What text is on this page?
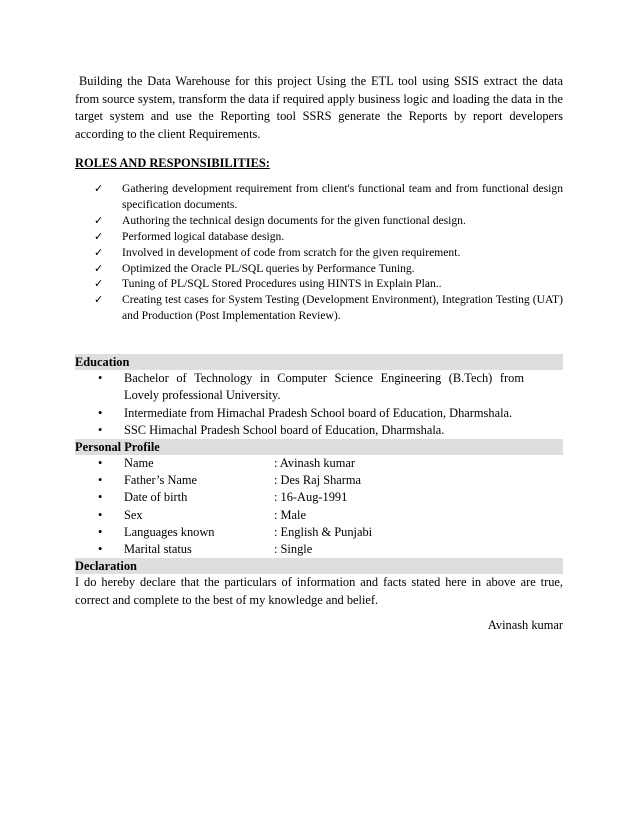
Building the Data Warehouse for this project Using the ETL tool using SSIS extract the data from source system, transform the data if required apply business logic and loading the data in the target system and use the Reporting tool SSRS generate the Reports by report developers according to the client Requirements.

ROLES AND RESPONSIBILITIES:

✓ Gathering development requirement from client's functional team and from functional design specification documents.
✓ Authoring the technical design documents for the given functional design.
✓ Performed logical database design.
✓ Involved in development of code from scratch for the given requirement.
✓ Optimized the Oracle PL/SQL queries by Performance Tuning.
✓ Tuning of PL/SQL Stored Procedures using HINTS in Explain Plan..
✓ Creating test cases for System Testing (Development Environment), Integration Testing (UAT) and Production (Post Implementation Review).
Education
• Bachelor of Technology in Computer Science Engineering (B.Tech) from Lovely professional University.
• Intermediate from Himachal Pradesh School board of Education, Dharmshala.
• SSC Himachal Pradesh School board of Education, Dharmshala.
Personal Profile
• Name	: Avinash kumar
• Father’s Name	: Des Raj Sharma
• Date of birth	: 16-Aug-1991
• Sex	: Male
• Languages known	: English & Punjabi
• Marital status	: Single
Declaration

I do hereby declare that the particulars of information and facts stated here in above are true, correct and complete to the best of my knowledge and belief.

Avinash kumar
